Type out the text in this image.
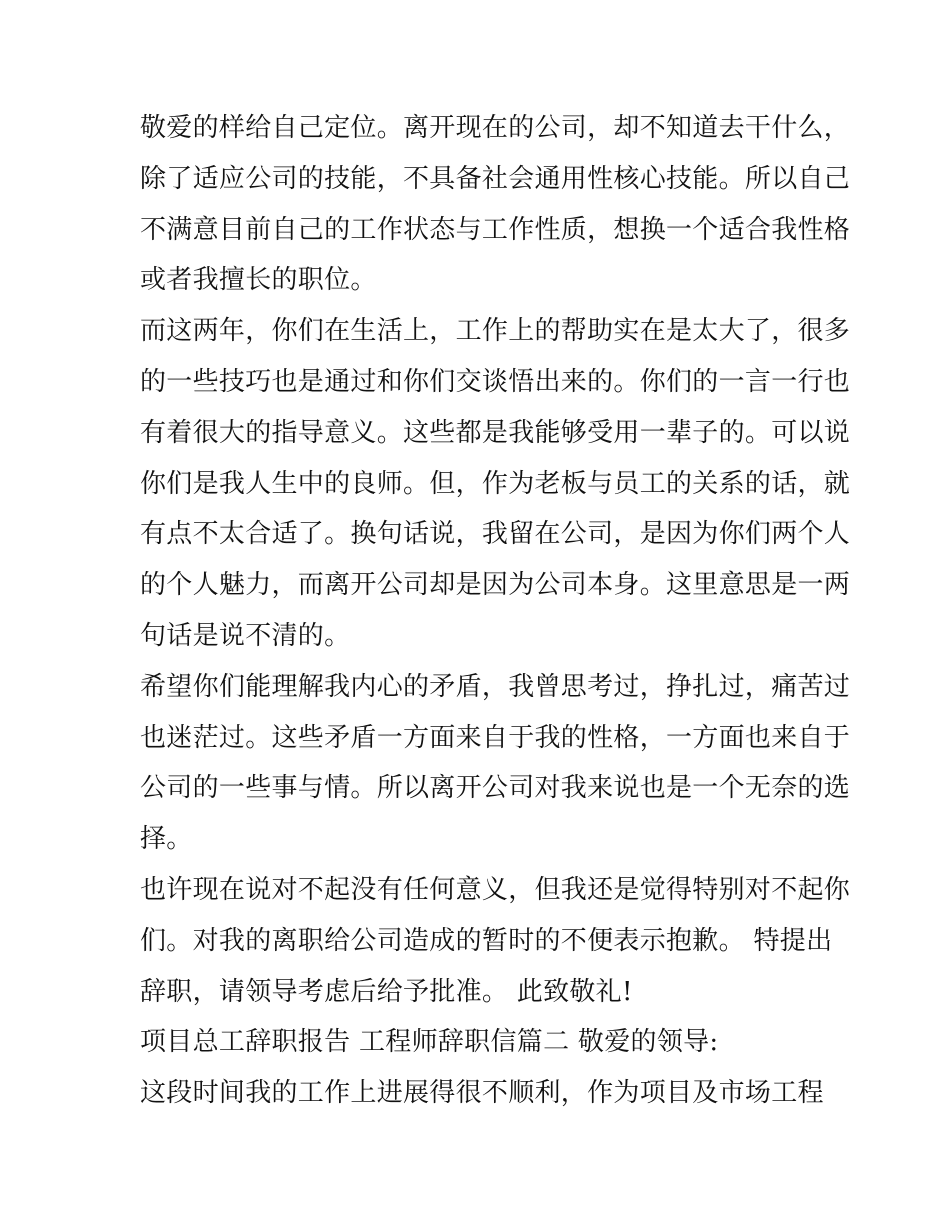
敬爱的样给自己定位。离开现在的公司，却不知道去干什么，
除了适应公司的技能，不具备社会通用性核心技能。所以自己
不满意目前自己的工作状态与工作性质，想换一个适合我性格
或者我擅长的职位。
而这两年，你们在生活上，工作上的帮助实在是太大了，很多
的一些技巧也是通过和你们交谈悟出来的。你们的一言一行也
有着很大的指导意义。这些都是我能够受用一辈子的。可以说
你们是我人生中的良师。但，作为老板与员工的关系的话，就
有点不太合适了。换句话说，我留在公司，是因为你们两个人
的个人魅力，而离开公司却是因为公司本身。这里意思是一两
句话是说不清的。
希望你们能理解我内心的矛盾，我曾思考过，挣扎过，痛苦过
也迷茫过。这些矛盾一方面来自于我的性格，一方面也来自于
公司的一些事与情。所以离开公司对我来说也是一个无奈的选
择。
也许现在说对不起没有任何意义，但我还是觉得特别对不起你
们。对我的离职给公司造成的暂时的不便表示抱歉。 特提出
辞职，请领导考虑后给予批准。 此致敬礼!
项目总工辞职报告 工程师辞职信篇二 敬爱的领导:
这段时间我的工作上进展得很不顺利，作为项目及市场工程
